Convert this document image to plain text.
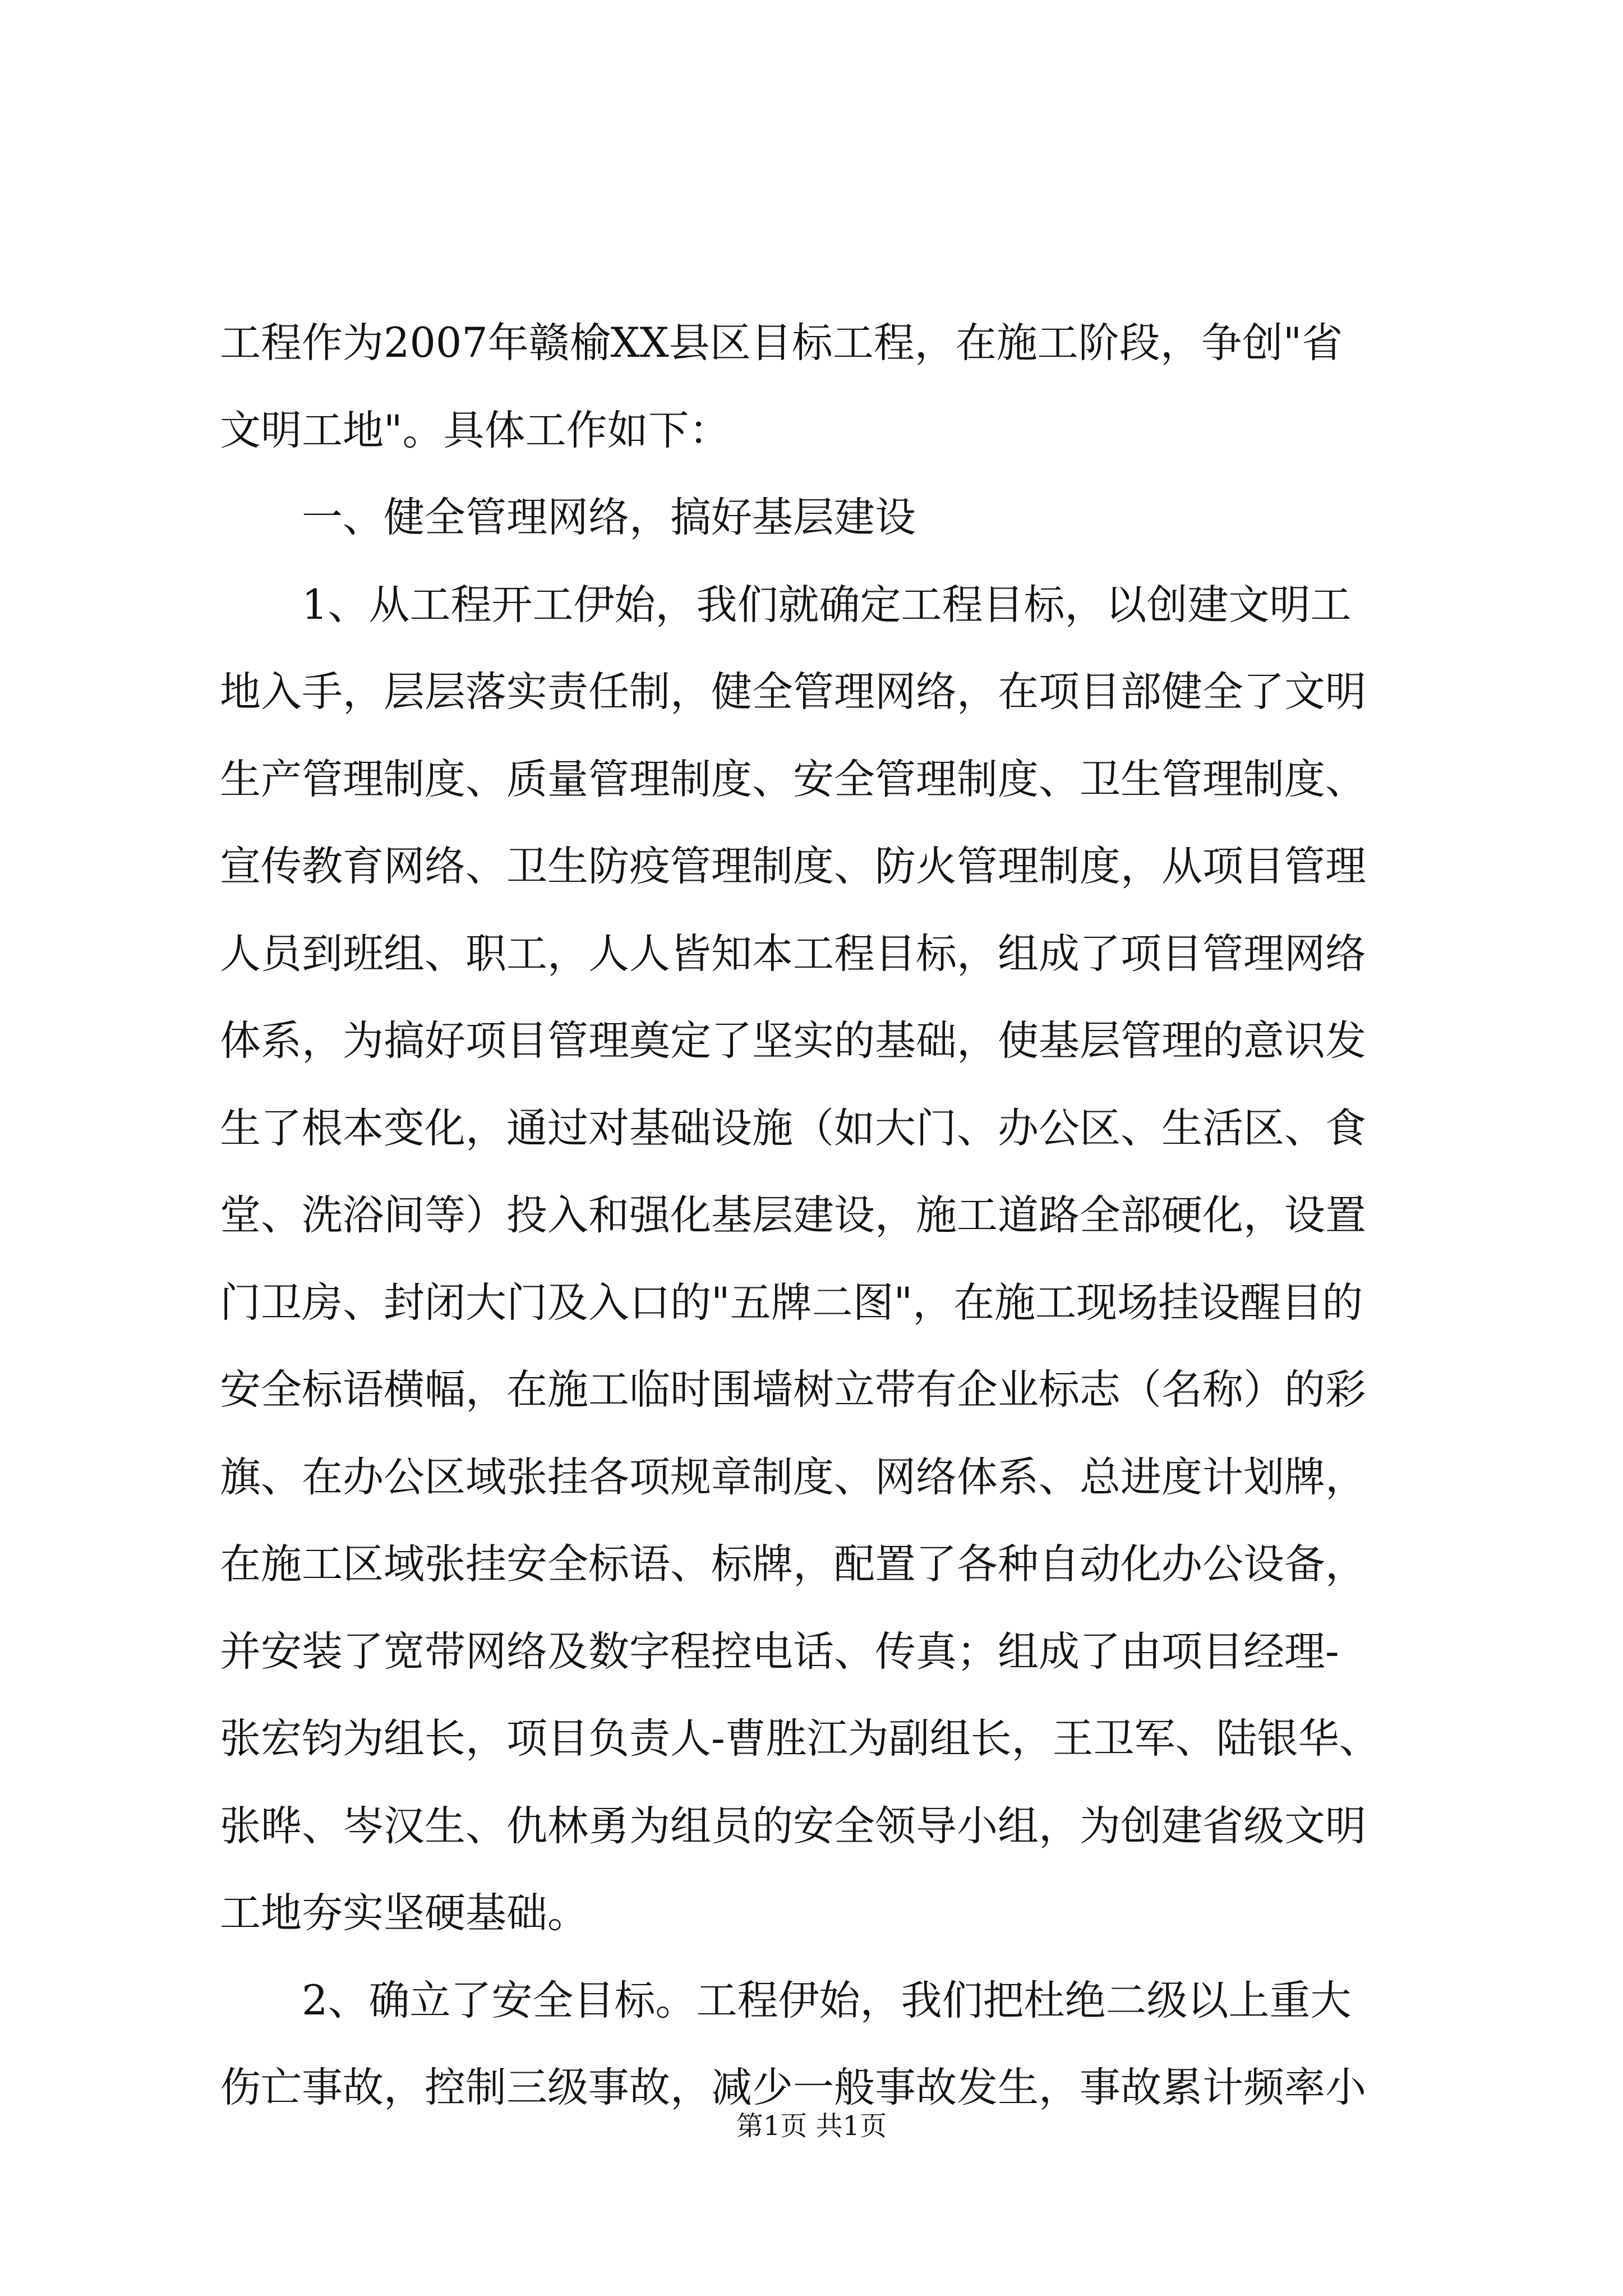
工程作为2007年赣榆XX县区目标工程，在施工阶段，争创"省
文明工地"。具体工作如下：
一、健全管理网络，搞好基层建设
1、从工程开工伊始，我们就确定工程目标，以创建文明工
地入手，层层落实责任制，健全管理网络，在项目部健全了文明
生产管理制度、质量管理制度、安全管理制度、卫生管理制度、
宣传教育网络、卫生防疫管理制度、防火管理制度，从项目管理
人员到班组、职工，人人皆知本工程目标，组成了项目管理网络
体系，为搞好项目管理奠定了坚实的基础，使基层管理的意识发
生了根本变化，通过对基础设施（如大门、办公区、生活区、食
堂、洗浴间等）投入和强化基层建设，施工道路全部硬化，设置
门卫房、封闭大门及入口的"五牌二图"，在施工现场挂设醒目的
安全标语横幅，在施工临时围墙树立带有企业标志（名称）的彩
旗、在办公区域张挂各项规章制度、网络体系、总进度计划牌，
在施工区域张挂安全标语、标牌，配置了各种自动化办公设备，
并安装了宽带网络及数字程控电话、传真；组成了由项目经理-
张宏钧为组长，项目负责人-曹胜江为副组长，王卫军、陆银华、
张晔、岑汉生、仇林勇为组员的安全领导小组，为创建省级文明
工地夯实坚硬基础。
2、确立了安全目标。工程伊始，我们把杜绝二级以上重大
伤亡事故，控制三级事故，减少一般事故发生，事故累计频率小
第1页 共1页
